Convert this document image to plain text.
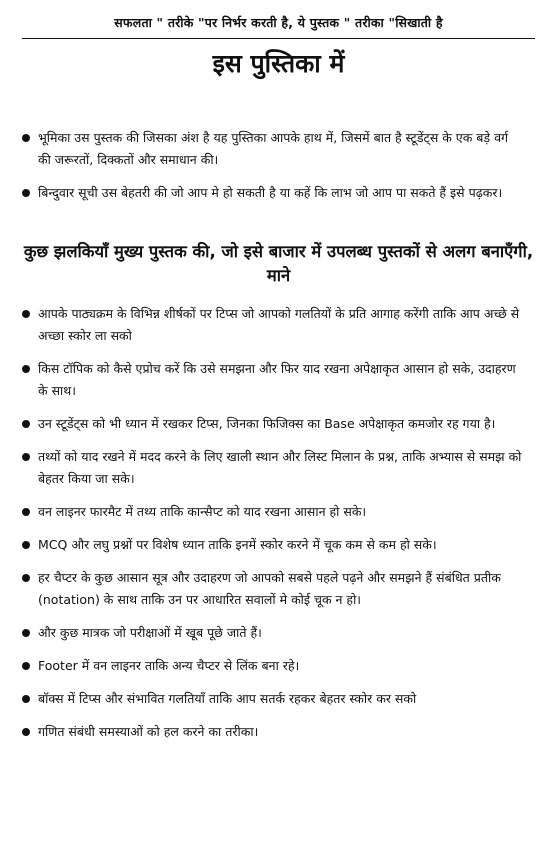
सफलता " तरीके "पर निर्भर करती है, ये पुस्तक " तरीका "सिखाती है
इस पुस्तिका में
भूमिका उस पुस्तक की जिसका अंश है यह पुस्तिका आपके हाथ में, जिसमें बात है स्टूडेंट्स के एक बड़े वर्ग की जरूरतों, दिक्कतों और समाधान की।
बिन्दुवार सूची उस बेहतरी की जो आप मे हो सकती है या कहें कि लाभ जो आप पा सकते हैं इसे पढ़कर।
कुछ झलकियाँ मुख्य पुस्तक की, जो इसे बाजार में उपलब्ध पुस्तकों से अलग बनाएँगी, माने
आपके पाठ्यक्रम के विभिन्न शीर्षकों पर टिप्स जो आपको गलतियों के प्रति आगाह करेंगी ताकि आप अच्छे से अच्छा स्कोर ला सको
किस टॉपिक को कैसे एप्रोच करें कि उसे समझना और फिर याद रखना अपेक्षाकृत आसान हो सके, उदाहरण के साथ।
उन स्टूडेंट्स को भी ध्यान में रखकर टिप्स, जिनका फिजिक्स का Base अपेक्षाकृत कमजोर रह गया है।
तथ्यों को याद रखने में मदद करने के लिए खाली स्थान और लिस्ट मिलान के प्रश्न, ताकि अभ्यास से समझ को बेहतर किया जा सके।
वन लाइनर फारमैट में तथ्य ताकि कान्सैप्ट को याद रखना आसान हो सके।
MCQ और लघु प्रश्नों पर विशेष ध्यान ताकि इनमें स्कोर करने में चूक कम से कम हो सके।
हर चैप्टर के कुछ आसान सूत्र और उदाहरण जो आपको सबसे पहले पढ़ने और समझने हैं संबंधित प्रतीक (notation) के साथ ताकि उन पर आधारित सवालों मे कोई चूक न हो।
और कुछ मात्रक जो परीक्षाओं में खूब पूछे जाते हैं।
Footer में वन लाइनर ताकि अन्य चैप्टर से लिंक बना रहे।
बॉक्स में टिप्स और संभावित गलतियाँ ताकि आप सतर्क रहकर बेहतर स्कोर कर सको
गणित संबंधी समस्याओं को हल करने का तरीका।
